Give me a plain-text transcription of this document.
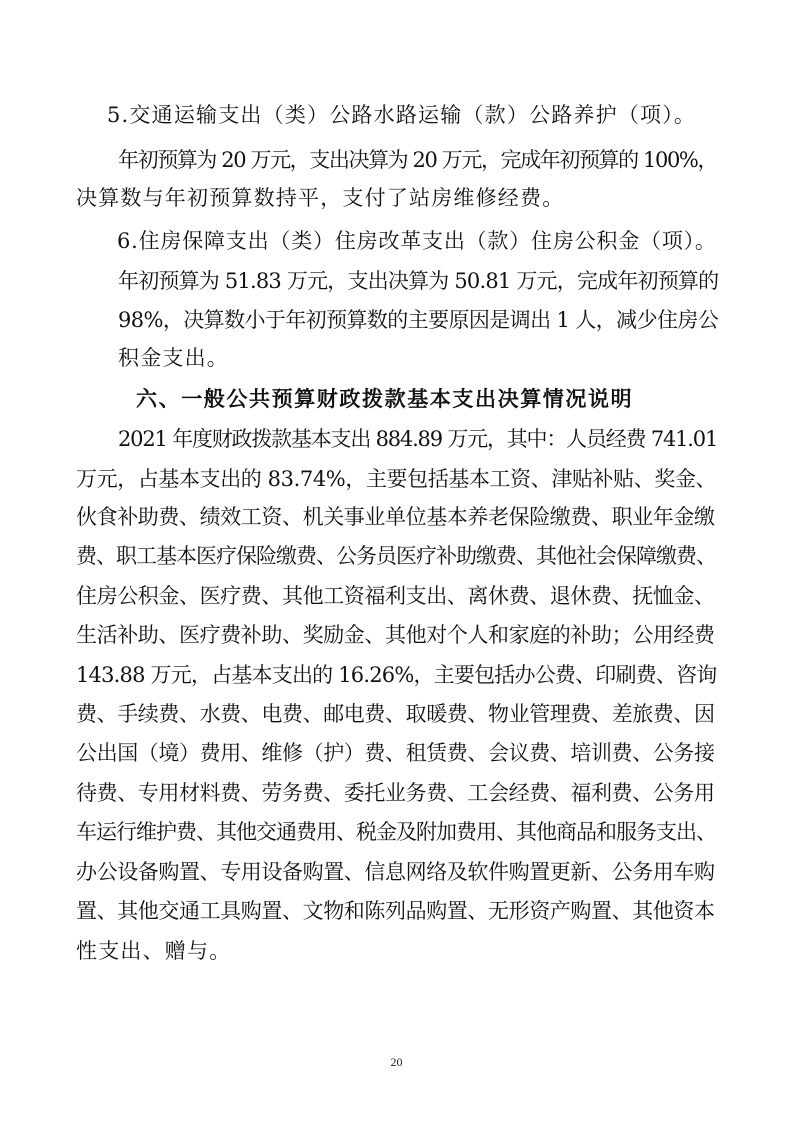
5.交通运输支出（类）公路水路运输（款）公路养护（项）。
年初预算为 20 万元，支出决算为 20 万元，完成年初预算的 100%，
决算数与年初预算数持平，支付了站房维修经费。
6.住房保障支出（类）住房改革支出（款）住房公积金（项）。
年初预算为 51.83 万元，支出决算为 50.81 万元，完成年初预算的
98%，决算数小于年初预算数的主要原因是调出 1 人，减少住房公
积金支出。
六、一般公共预算财政拨款基本支出决算情况说明
2021 年度财政拨款基本支出 884.89 万元，其中：人员经费 741.01
万元，占基本支出的 83.74%，主要包括基本工资、津贴补贴、奖金、
伙食补助费、绩效工资、机关事业单位基本养老保险缴费、职业年金缴
费、职工基本医疗保险缴费、公务员医疗补助缴费、其他社会保障缴费、
住房公积金、医疗费、其他工资福利支出、离休费、退休费、抚恤金、
生活补助、医疗费补助、奖励金、其他对个人和家庭的补助；公用经费
143.88 万元，占基本支出的 16.26%，主要包括办公费、印刷费、咨询
费、手续费、水费、电费、邮电费、取暖费、物业管理费、差旅费、因
公出国（境）费用、维修（护）费、租赁费、会议费、培训费、公务接
待费、专用材料费、劳务费、委托业务费、工会经费、福利费、公务用
车运行维护费、其他交通费用、税金及附加费用、其他商品和服务支出、
办公设备购置、专用设备购置、信息网络及软件购置更新、公务用车购
置、其他交通工具购置、文物和陈列品购置、无形资产购置、其他资本
性支出、赠与。
20
